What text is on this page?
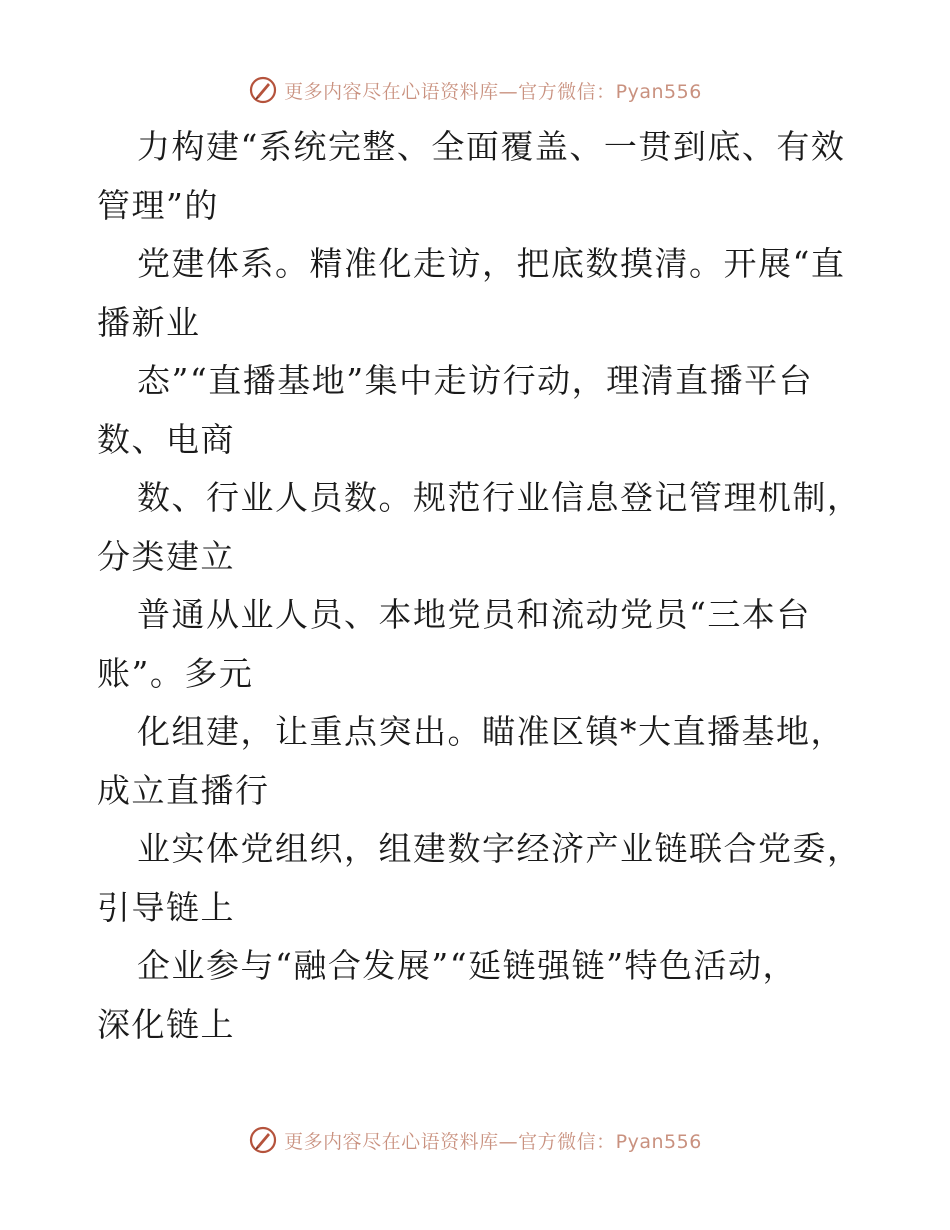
更多内容尽在心语资料库—官方微信：Pyan556
力构建“系统完整、全面覆盖、一贯到底、有效
管理”的
党建体系。精准化走访，把底数摸清。开展“直
播新业
态”“直播基地”集中走访行动，理清直播平台
数、电商
数、行业人员数。规范行业信息登记管理机制，
分类建立
普通从业人员、本地党员和流动党员“三本台
账”。多元
化组建，让重点突出。瞄准区镇*大直播基地，
成立直播行
业实体党组织，组建数字经济产业链联合党委，
引导链上
企业参与“融合发展”“延链强链”特色活动，
深化链上
更多内容尽在心语资料库—官方微信：Pyan556
